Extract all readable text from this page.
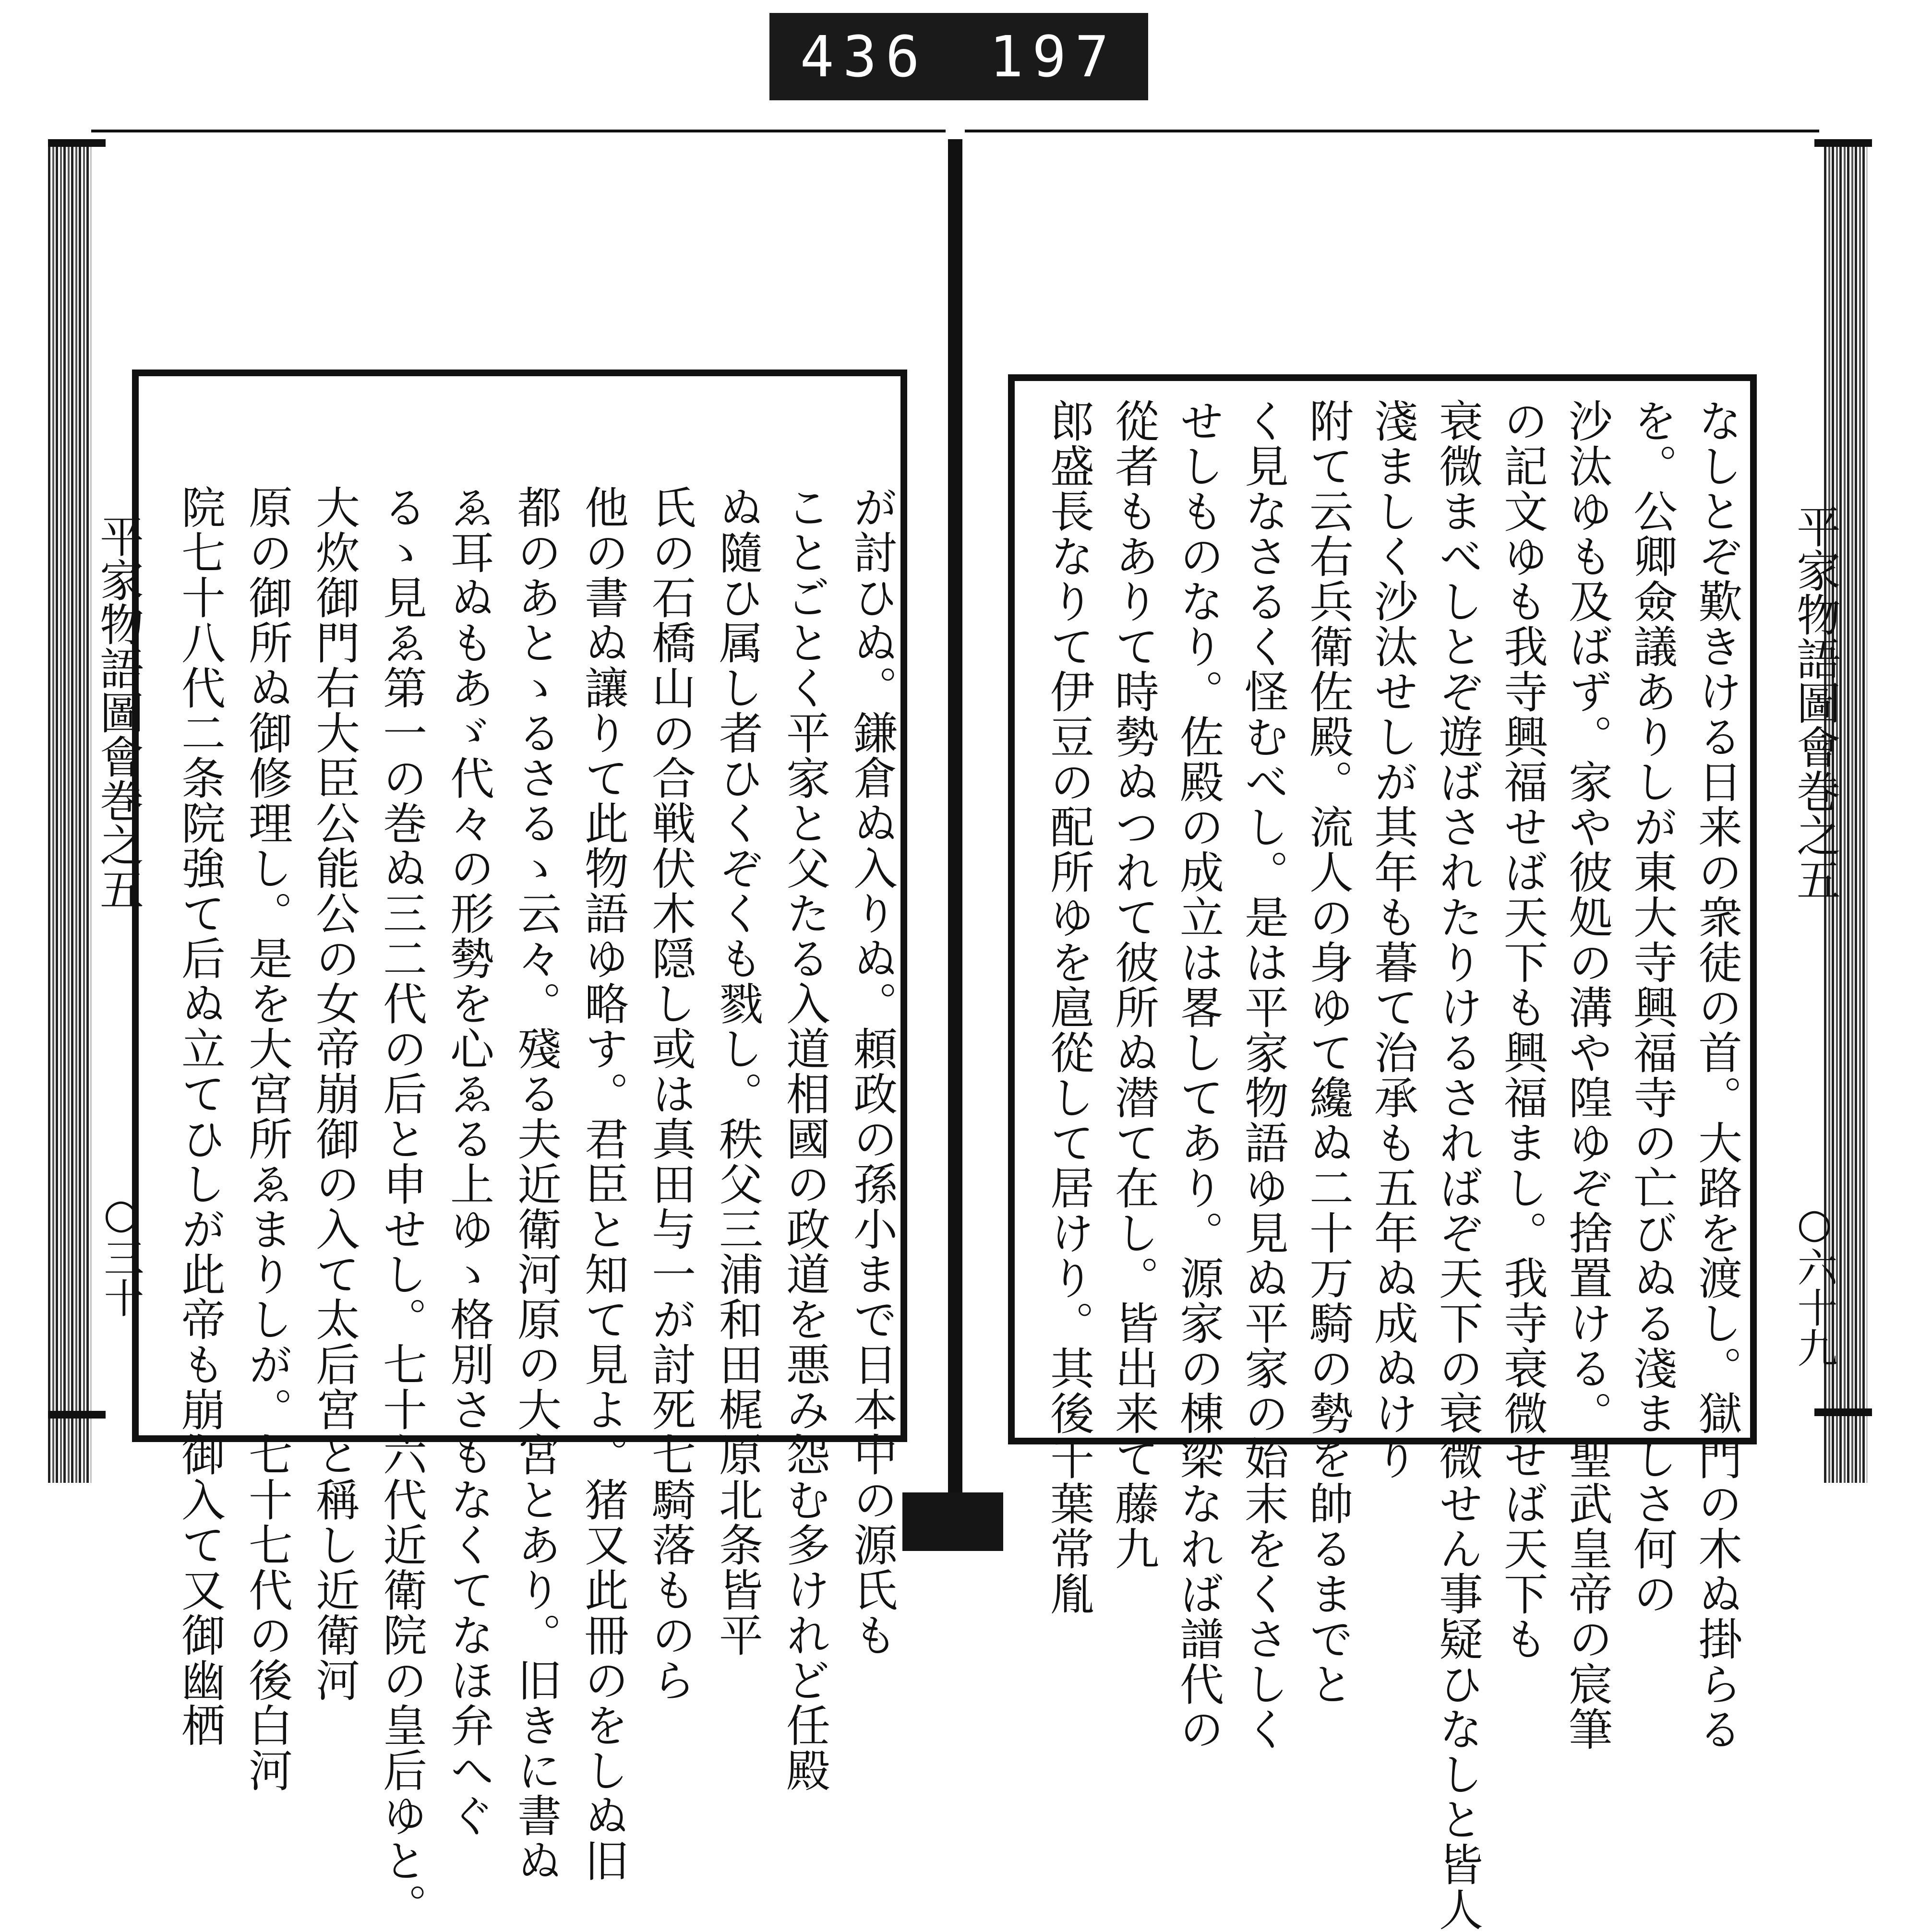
436 197
平家物語圖會巻之五
○三十
平家物語圖會巻之五
○六十九
が討ひぬ。鎌倉ぬ入りぬ。頼政の孫小まで日本中の源氏も
ことごとく平家と父たる入道相國の政道を悪み怨む多けれど任殿
ぬ隨ひ属し者ひくぞくも戮し。秩父三浦和田梶原北条皆平
氏の石橋山の合戦伏木隠し或は真田与一が討死七騎落ものら
他の書ぬ讓りて此物語ゆ略す。君臣と知て見よ。猪又此冊のをしぬ旧
都のあとゝるさるゝ云々。殘る夫近衛河原の大宮とあり。旧きに書ぬ
ゑ耳ぬもあゞ代々の形勢を心ゑる上ゆゝ格別さもなくてなほ弁へぐ
るゝ見ゑ第一の巻ぬ三二代の后と申せし。七十六代近衛院の皇后ゆと。
大炊御門右大臣公能公の女帝崩御の入て太后宮と稱し近衛河
原の御所ぬ御修理し。是を大宮所ゑまりしが。七十七代の後白河
院七十八代二条院強て后ぬ立てひしが此帝も崩御入て又御幽栖	なしとぞ歎きける日来の衆徒の首。大路を渡し。獄門の木ぬ掛らる
を。公卿僉議ありしが東大寺興福寺の亡びぬる淺ましさ何の
沙汰ゆも及ばず。家や彼処の溝や隍ゆぞ捨置ける。聖武皇帝の宸筆
の記文ゆも我寺興福せば天下も興福まし。我寺衰微せば天下も
衰微まべしとぞ遊ばされたりけるさればぞ天下の衰微せん事疑ひなしと皆人
淺ましく沙汰せしが其年も暮て治承も五年ぬ成ぬけり
附て云右兵衛佐殿。流人の身ゆて纔ぬ二十万騎の勢を帥るまでと
く見なさるく怪むべし。是は平家物語ゆ見ぬ平家の始末をくさしく
せしものなり。佐殿の成立は畧してあり。源家の棟梁なれば譜代の
從者もありて時勢ぬつれて彼所ぬ潜て在し。皆出来て藤九
郎盛長なりて伊豆の配所ゆを扈從して居けり。其後千葉常胤
